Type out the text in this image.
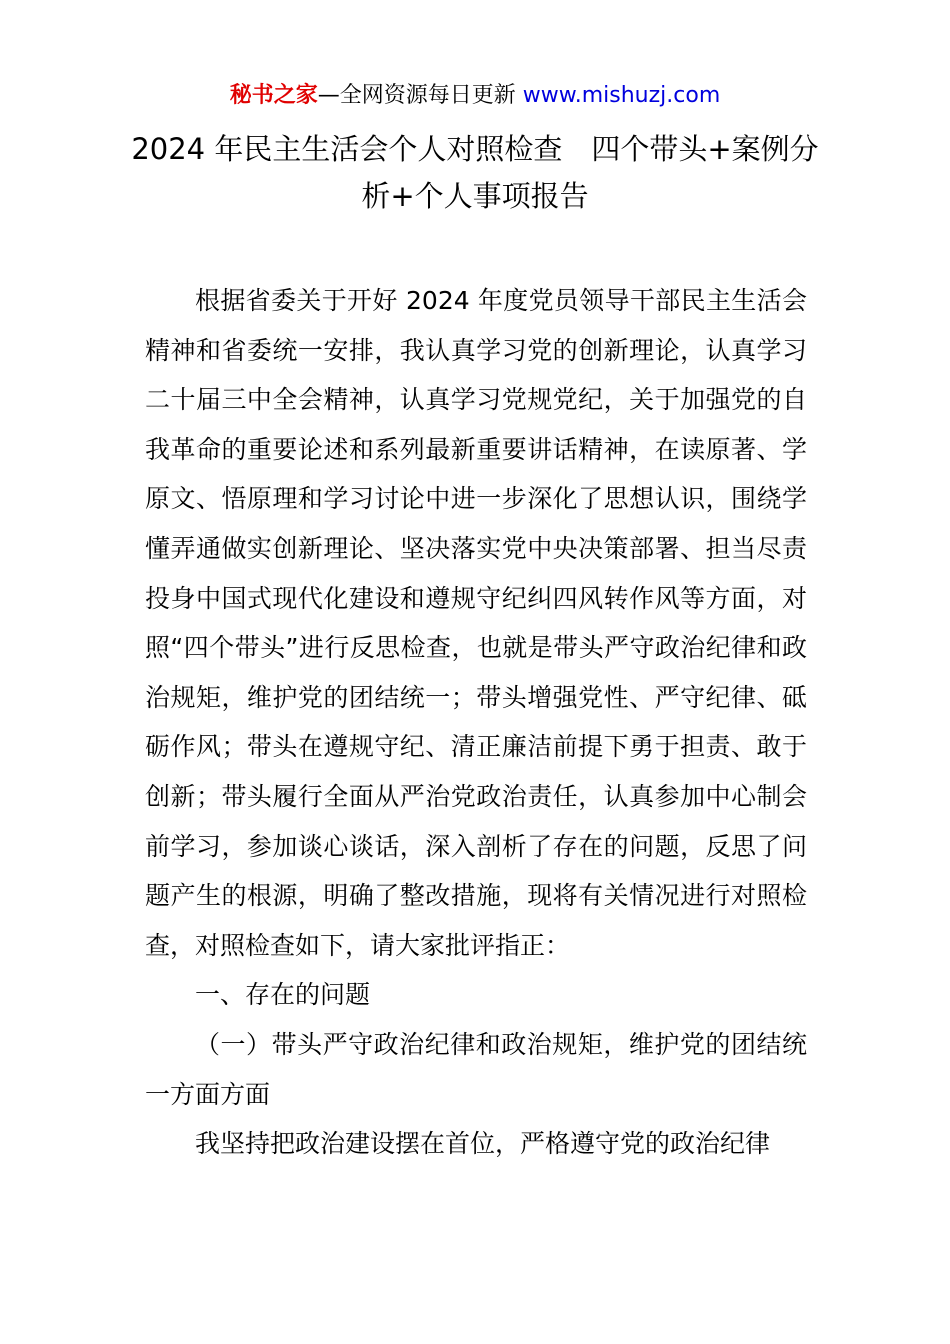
秘书之家—全网资源每日更新 www.mishuzj.com
2024 年民主生活会个人对照检查　四个带头+案例分析+个人事项报告

根据省委关于开好 2024 年度党员领导干部民主生活会精神和省委统一安排，我认真学习党的创新理论，认真学习二十届三中全会精神，认真学习党规党纪，关于加强党的自我革命的重要论述和系列最新重要讲话精神，在读原著、学原文、悟原理和学习讨论中进一步深化了思想认识，围绕学懂弄通做实创新理论、坚决落实党中央决策部署、担当尽责投身中国式现代化建设和遵规守纪纠四风转作风等方面，对照“四个带头”进行反思检查，也就是带头严守政治纪律和政治规矩，维护党的团结统一；带头增强党性、严守纪律、砥砺作风；带头在遵规守纪、清正廉洁前提下勇于担责、敢于创新；带头履行全面从严治党政治责任，认真参加中心制会前学习，参加谈心谈话，深入剖析了存在的问题，反思了问题产生的根源，明确了整改措施，现将有关情况进行对照检查，对照检查如下，请大家批评指正：

一、存在的问题

（一）带头严守政治纪律和政治规矩，维护党的团结统一方面方面

我坚持把政治建设摆在首位，严格遵守党的政治纪律
